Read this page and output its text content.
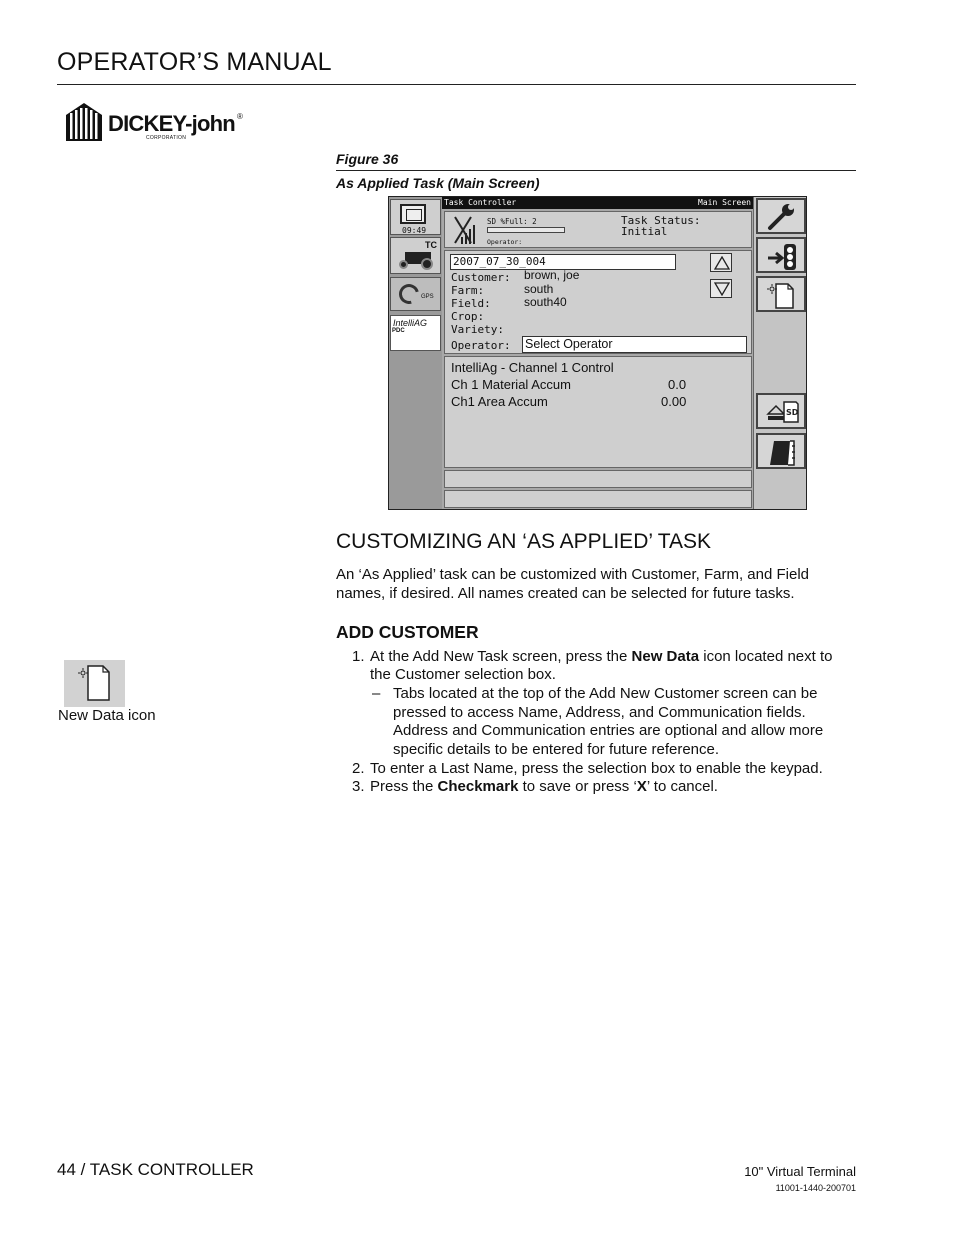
OPERATOR’S MANUAL
DICKEY-john ®
CORPORATION
Figure 36
As Applied Task (Main Screen)
09:49
TC
GPS
IntelliAG
PDC
Task Controller	Main Screen
SD %Full: 2
Operator:
Task Status:
Initial
2007_07_30_004
Customer: brown, joe
Farm:	south
Field:	south40
Crop:
Variety:
Operator: Select Operator
IntelliAg - Channel 1 Control
Ch 1 Material Accum	0.0
Ch1 Area Accum	0.00
SD
CUSTOMIZING AN ‘AS APPLIED’ TASK
An ‘As Applied’ task can be customized with Customer, Farm, and Field
names, if desired. All names created can be selected for future tasks.
ADD CUSTOMER
1. At the Add New Task screen, press the New Data icon located next to
the Customer selection box.
– Tabs located at the top of the Add New Customer screen can be
pressed to access Name, Address, and Communication fields.
Address and Communication entries are optional and allow more
specific details to be entered for future reference.
2. To enter a Last Name, press the selection box to enable the keypad.
3. Press the Checkmark to save or press ‘X’ to cancel.
New Data icon
44 / TASK CONTROLLER	10" Virtual Terminal
11001-1440-200701
